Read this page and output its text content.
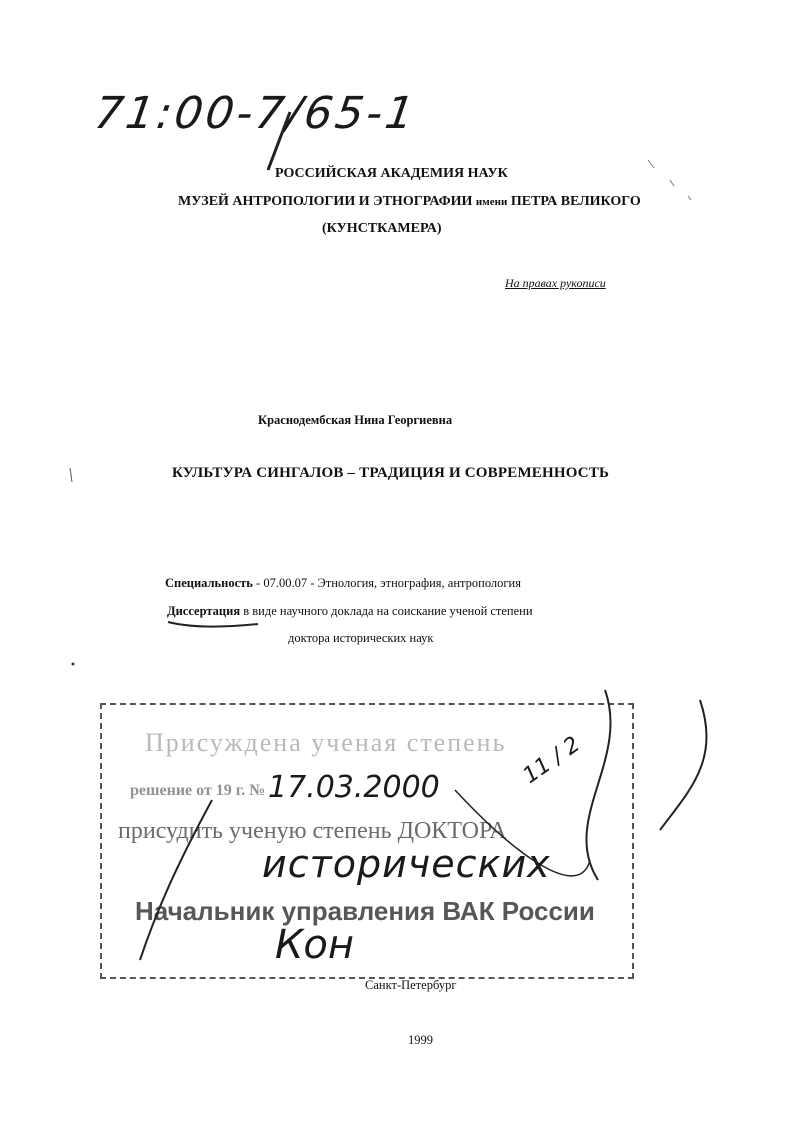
71:00-7/65-1
РОССИЙСКАЯ АКАДЕМИЯ НАУК
МУЗЕЙ АНТРОПОЛОГИИ И ЭТНОГРАФИИ имени ПЕТРА ВЕЛИКОГО
(КУНСТКАМЕРА)
На правах рукописи
Краснодембская Нина Георгиевна
КУЛЬТУРА СИНГАЛОВ – ТРАДИЦИЯ И СОВРЕМЕННОСТЬ
Специальность - 07.00.07 - Этнология, этнография, антропология
Диссертация в виде научного доклада на соискание ученой степени
доктора исторических наук
Присуждена ученая степень
решение от 19 г. №
присудить ученую степень ДОКТОРА
Начальник управления ВАК России
17.03.2000	11 / 2
исторических
Кон
Санкт-Петербург
1999
